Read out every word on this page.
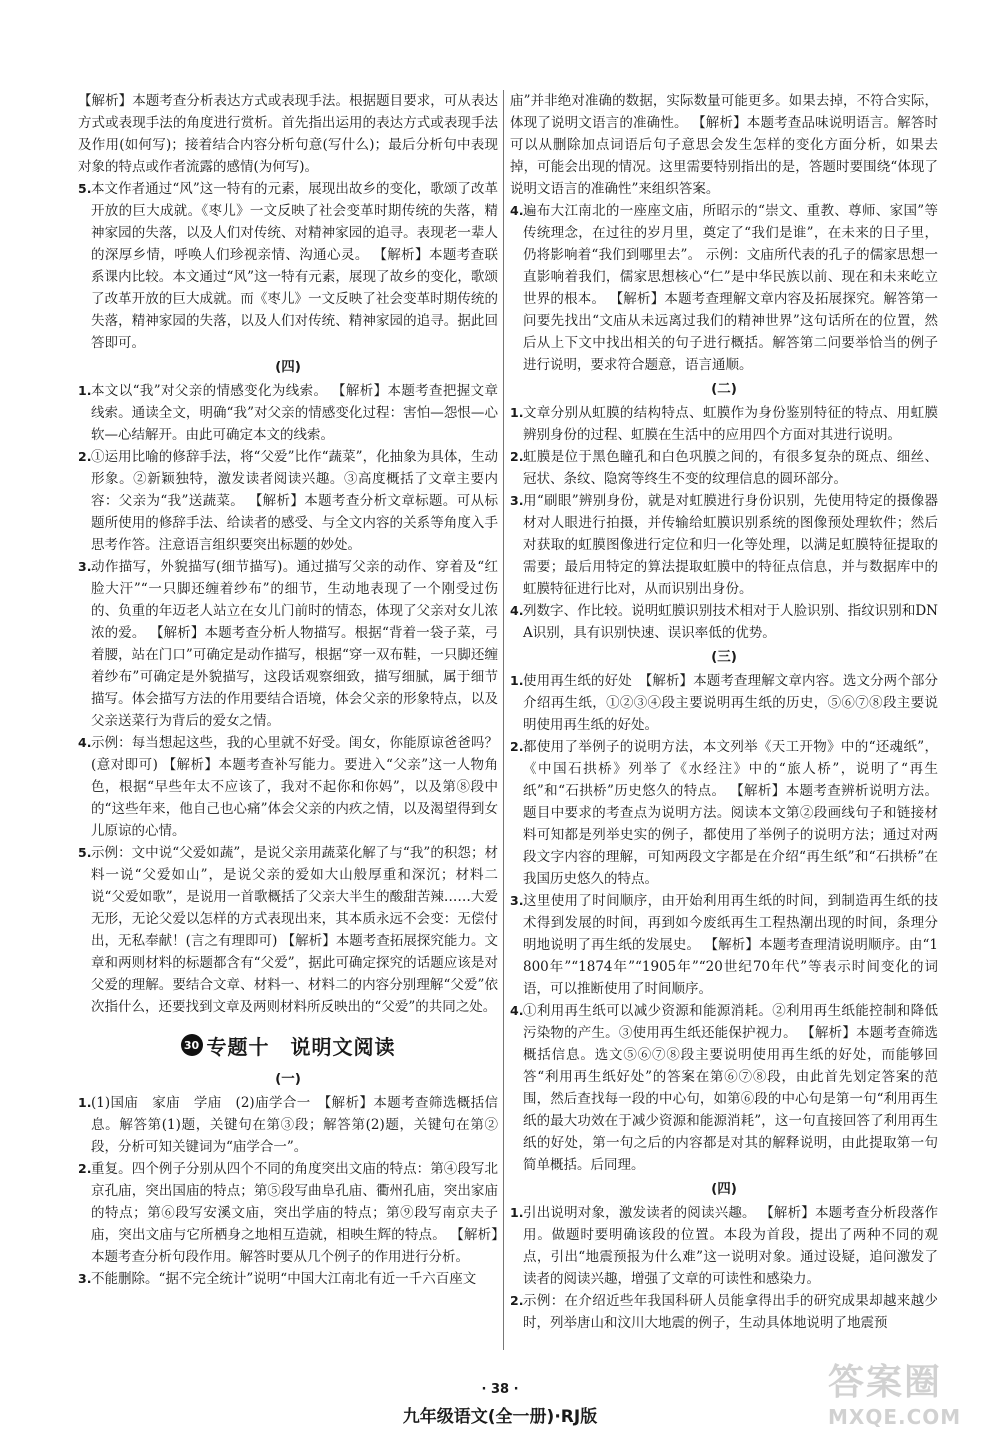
【解析】本题考查分析表达方式或表现手法。根据题目要求，可从表达方式或表现手法的角度进行赏析。首先指出运用的表达方式或表现手法及作用(如何写)；接着结合内容分析句意(写什么)；最后分析句中表现对象的特点或作者流露的感情(为何写)。

5. 本文作者通过“风”这一特有的元素，展现出故乡的变化，歌颂了改革开放的巨大成就。《枣儿》一文反映了社会变革时期传统的失落，精神家园的失落，以及人们对传统、对精神家园的追寻。表现老一辈人的深厚乡情，呼唤人们珍视亲情、沟通心灵。 【解析】本题考查联系课内比较。本文通过“风”这一特有元素，展现了故乡的变化，歌颂了改革开放的巨大成就。而《枣儿》一文反映了社会变革时期传统的失落，精神家园的失落，以及人们对传统、精神家园的追寻。据此回答即可。
(四)
1. 本文以“我”对父亲的情感变化为线索。 【解析】本题考查把握文章线索。通读全文，明确“我”对父亲的情感变化过程：害怕—怨恨—心软—心结解开。由此可确定本文的线索。
2. ①运用比喻的修辞手法，将“父爱”比作“蔬菜”，化抽象为具体，生动形象。②新颖独特，激发读者阅读兴趣。③高度概括了文章主要内容：父亲为“我”送蔬菜。 【解析】本题考查分析文章标题。可从标题所使用的修辞手法、给读者的感受、与全文内容的关系等角度入手思考作答。注意语言组织要突出标题的妙处。
3. 动作描写，外貌描写(细节描写)。通过描写父亲的动作、穿着及“红脸大汗”“一只脚还缠着纱布”的细节，生动地表现了一个刚受过伤的、负重的年迈老人站立在女儿门前时的情态，体现了父亲对女儿浓浓的爱。 【解析】本题考查分析人物描写。根据“背着一袋子菜，弓着腰，站在门口”可确定是动作描写，根据“穿一双布鞋，一只脚还缠着纱布”可确定是外貌描写，这段话观察细致，描写细腻，属于细节描写。体会描写方法的作用要结合语境，体会父亲的形象特点，以及父亲送菜行为背后的爱女之情。
4. 示例：每当想起这些，我的心里就不好受。闺女，你能原谅爸爸吗？(意对即可) 【解析】本题考查补写能力。要进入“父亲”这一人物角色，根据“早些年太不应该了，我对不起你和你妈”，以及第⑧段中的“这些年来，他自己也心痛”体会父亲的内疚之情，以及渴望得到女儿原谅的心情。
5. 示例：文中说“父爱如蔬”，是说父亲用蔬菜化解了与“我”的积怨；材料一说“父爱如山”，是说父亲的爱如大山般厚重和深沉；材料二说“父爱如歌”，是说用一首歌概括了父亲大半生的酸甜苦辣……大爱无形，无论父爱以怎样的方式表现出来，其本质永远不会变：无偿付出，无私奉献！(言之有理即可) 【解析】本题考查拓展探究能力。文章和两则材料的标题都含有“父爱”，据此可确定探究的话题应该是对父爱的理解。要结合文章、材料一、材料二的内容分别理解“父爱”依次指什么，还要找到文章及两则材料所反映出的“父爱”的共同之处。
30 专题十　说明文阅读
(一)
1. (1)国庙　家庙　学庙　(2)庙学合一　【解析】本题考查筛选概括信息。解答第(1)题，关键句在第③段；解答第(2)题，关键句在第②段，分析可知关键词为“庙学合一”。
2. 重复。四个例子分别从四个不同的角度突出文庙的特点：第④段写北京孔庙，突出国庙的特点；第⑤段写曲阜孔庙、衢州孔庙，突出家庙的特点；第⑥段写安溪文庙，突出学庙的特点；第⑨段写南京夫子庙，突出文庙与它所栖身之地相互造就，相映生辉的特点。 【解析】本题考查分析句段作用。解答时要从几个例子的作用进行分析。
3. 不能删除。“据不完全统计”说明“中国大江南北有近一千六百座文

庙”并非绝对准确的数据，实际数量可能更多。如果去掉，不符合实际，体现了说明文语言的准确性。 【解析】本题考查品味说明语言。解答时可以从删除加点词语后句子意思会发生怎样的变化方面分析，如果去掉，可能会出现的情况。这里需要特别指出的是，答题时要围绕“体现了说明文语言的准确性”来组织答案。

4. 遍布大江南北的一座座文庙，所昭示的“崇文、重教、尊师、家国”等传统理念，在过往的岁月里，奠定了“我们是谁”，在未来的日子里，仍将影响着“我们到哪里去”。 示例：文庙所代表的孔子的儒家思想一直影响着我们，儒家思想核心“仁”是中华民族以前、现在和未来屹立世界的根本。 【解析】本题考查理解文章内容及拓展探究。解答第一问要先找出“文庙从未远离过我们的精神世界”这句话所在的位置，然后从上下文中找出相关的句子进行概括。解答第二问要举恰当的例子进行说明，要求符合题意，语言通顺。
(二)
1. 文章分别从虹膜的结构特点、虹膜作为身份鉴别特征的特点、用虹膜辨别身份的过程、虹膜在生活中的应用四个方面对其进行说明。
2. 虹膜是位于黑色瞳孔和白色巩膜之间的，有很多复杂的斑点、细丝、冠状、条纹、隐窝等终生不变的纹理信息的圆环部分。
3. 用“刷眼”辨别身份，就是对虹膜进行身份识别，先使用特定的摄像器材对人眼进行拍摄，并传输给虹膜识别系统的图像预处理软件；然后对获取的虹膜图像进行定位和归一化等处理，以满足虹膜特征提取的需要；最后用特定的算法提取虹膜中的特征点信息，并与数据库中的虹膜特征进行比对，从而识别出身份。
4. 列数字、作比较。说明虹膜识别技术相对于人脸识别、指纹识别和DNA识别，具有识别快速、误识率低的优势。
(三)
1. 使用再生纸的好处　【解析】本题考查理解文章内容。选文分两个部分介绍再生纸，①②③④段主要说明再生纸的历史，⑤⑥⑦⑧段主要说明使用再生纸的好处。
2. 都使用了举例子的说明方法，本文列举《天工开物》中的“还魂纸”，《中国石拱桥》列举了《水经注》中的“旅人桥”，说明了“再生纸”和“石拱桥”历史悠久的特点。 【解析】本题考查辨析说明方法。题目中要求的考查点为说明方法。阅读本文第②段画线句子和链接材料可知都是列举史实的例子，都使用了举例子的说明方法；通过对两段文字内容的理解，可知两段文字都是在介绍“再生纸”和“石拱桥”在我国历史悠久的特点。
3. 这里使用了时间顺序，由开始利用再生纸的时间，到制造再生纸的技术得到发展的时间，再到如今废纸再生工程热潮出现的时间，条理分明地说明了再生纸的发展史。 【解析】本题考查理清说明顺序。由“1800年”“1874年”“1905年”“20世纪70年代”等表示时间变化的词语，可以推断使用了时间顺序。
4. ①利用再生纸可以减少资源和能源消耗。②利用再生纸能控制和降低污染物的产生。③使用再生纸还能保护视力。 【解析】本题考查筛选概括信息。选文⑤⑥⑦⑧段主要说明使用再生纸的好处，而能够回答“利用再生纸好处”的答案在第⑥⑦⑧段，由此首先划定答案的范围，然后查找每一段的中心句，如第⑥段的中心句是第一句“利用再生纸的最大功效在于减少资源和能源消耗”，这一句直接回答了利用再生纸的好处，第一句之后的内容都是对其的解释说明，由此提取第一句简单概括。后同理。
(四)
1. 引出说明对象，激发读者的阅读兴趣。 【解析】本题考查分析段落作用。做题时要明确该段的位置。本段为首段，提出了两种不同的观点，引出“地震预报为什么难”这一说明对象。通过设疑，追问激发了读者的阅读兴趣，增强了文章的可读性和感染力。
2. 示例：在介绍近些年我国科研人员能拿得出手的研究成果却越来越少时，列举唐山和汶川大地震的例子，生动具体地说明了地震预
· 38 ·
九年级语文(全一册)·RJ版
答案圈
MXQE.COM
